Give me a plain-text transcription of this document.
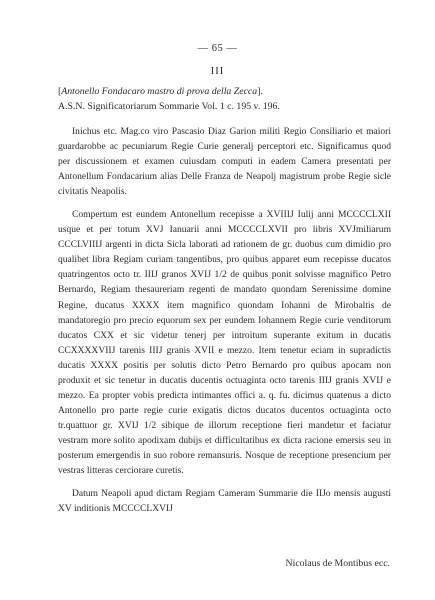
— 65 —
III
[Antonello Fondacaro mastro di prova della Zecca].
A.S.N. Significatoriarum Sommarie Vol. 1 c. 195 v. 196.

Inichus etc. Mag.co viro Pascasio Diaz Garion militi Regio Consiliario et maiori guardarobbe ac pecuniarum Regie Curie generalj perceptori etc. Significamus quod per discussionem et examen cuiusdam computi in eadem Camera presentati per Antonellum Fondacarium alias Delle Franza de Neapolj magistrum probe Regie sicle civitatis Neapolis.

Compertum est eundem Antonellum recepisse a XVIIIJ Iulij anni MCCCCLXII usque et per totum XVJ Ianuarii anni MCCCCLXVII pro libris XVJmiliarum CCCLVIIIJ argenti in dicta Sicla laborati ad rationem de gr. duobus cum dimidio pro qualibet libra Regiam curiam tangentibus, pro quibus apparet eum recepisse ducatos quatringentos octo tr. IIIJ granos XVIJ 1/2 de quibus ponit solvisse magnifico Petro Bernardo, Regiam thesaureriam regenti de mandato quondam Serenissime domine Regine, ducatus XXXX item magnifico quondam Iohanni de Mirobaltis de mandatoregio pro precio equorum sex per eundem Iohannem Regie curie venditorum ducatos CXX et sic videtur tenerj per introitum superante exitum in ducatis CCXXXXVIIJ tarenis IIIJ granis XVII e mezzo. Item tenetur eciam in supradictis ducatis XXXX positis per solutis dicto Petro Bernardo pro quibus apocam non produxit et sic tenetur in ducatis ducentis octuaginta octo tarenis IIIJ granis XVIJ e mezzo. Ea propter vobis predicta intimantes offici a. q. fu. dicimus quatenus a dicto Antonello pro parte regie curie exigatis dictos ducatos ducentos octuaginta octo tr.quattuor gr. XVIJ 1/2 sibique de illorum receptione fieri mandetur et faciatur vestram more solito apodixam dubijs et difficultatibus ex dicta racione emersis seu in posterum emergendis in suo robore remansuris. Nosque de receptione presencium per vestras litteras cerciorare curetis.

Datum Neapoli apud dictam Regiam Cameram Summarie die IIJo mensis augusti XV inditionis MCCCCLXVIJ

Nicolaus de Montibus ecc.
